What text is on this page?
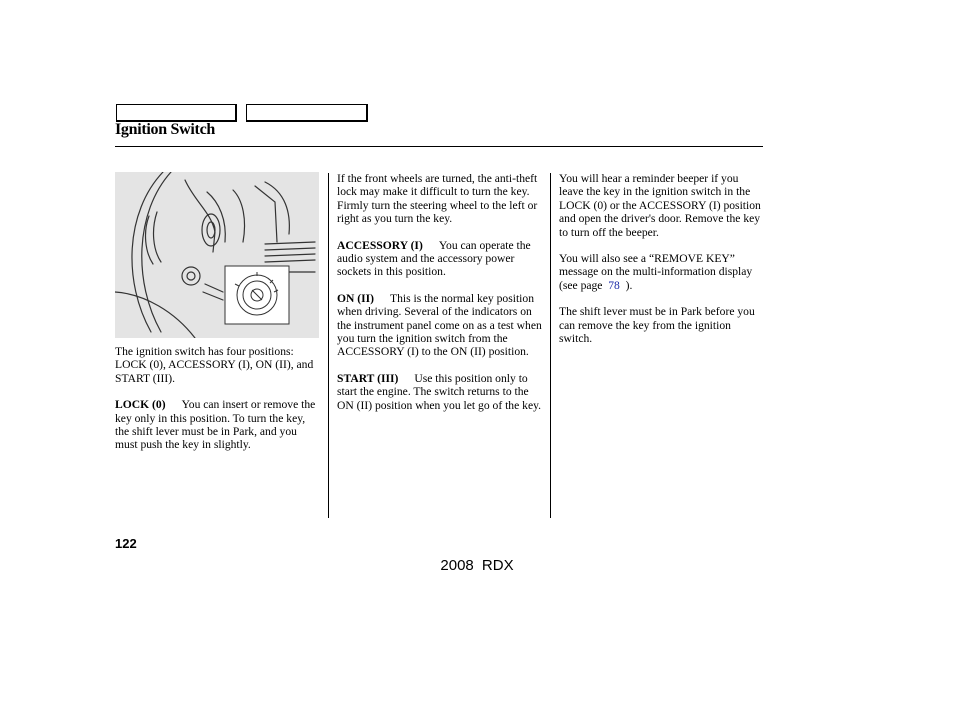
Ignition Switch

The ignition switch has four positions: LOCK (0), ACCESSORY (I), ON (II), and START (III).

LOCK (0) You can insert or remove the key only in this position. To turn the key, the shift lever must be in Park, and you must push the key in slightly.

If the front wheels are turned, the anti-theft lock may make it difficult to turn the key. Firmly turn the steering wheel to the left or right as you turn the key.

ACCESSORY (I) You can operate the audio system and the accessory power sockets in this position.

ON (II) This is the normal key position when driving. Several of the indicators on the instrument panel come on as a test when you turn the ignition switch from the ACCESSORY (I) to the ON (II) position.

START (III) Use this position only to start the engine. The switch returns to the ON (II) position when you let go of the key.

You will hear a reminder beeper if you leave the key in the ignition switch in the LOCK (0) or the ACCESSORY (I) position and open the driver's door. Remove the key to turn off the beeper.

You will also see a “REMOVE KEY” message on the multi-information display (see page 78 ).

The shift lever must be in Park before you can remove the key from the ignition switch.

122
2008 RDX
